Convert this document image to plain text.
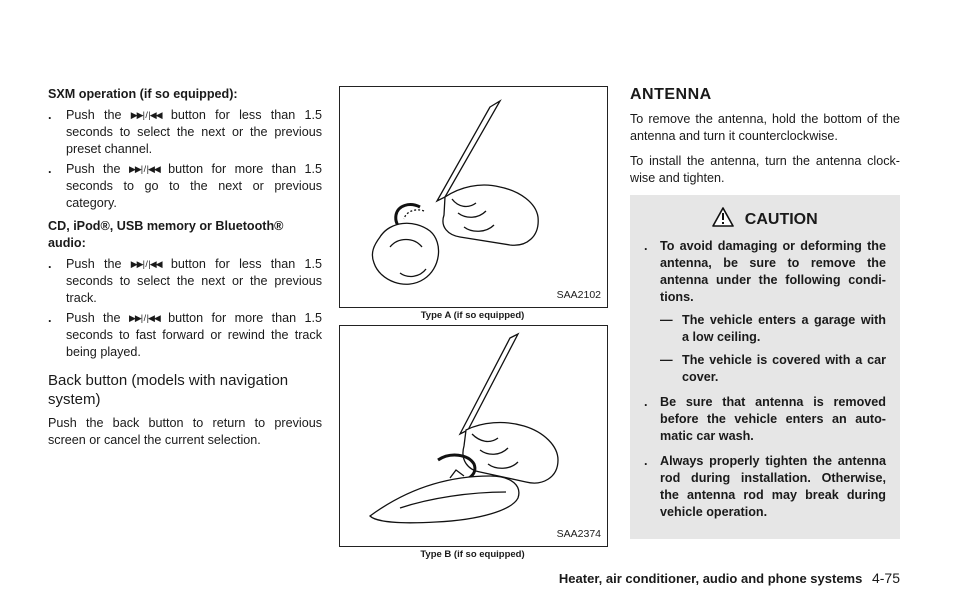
SXM operation (if so equipped):

. Push the ▶▶| / |◀◀ button for less than 1.5 seconds to select the next or the previous preset channel.
. Push the ▶▶| / |◀◀ button for more than 1.5 seconds to go to the next or previous category.

CD, iPod®, USB memory or Bluetooth® audio:

. Push the ▶▶| / |◀◀ button for less than 1.5 seconds to select the next or the previous track.
. Push the ▶▶| / |◀◀ button for more than 1.5 seconds to fast forward or rewind the track being played.
Back button (models with navigation system)

Push the back button to return to previous screen or cancel the current selection.

SAA2102
Type A (if so equipped)
SAA2374
Type B (if so equipped)
ANTENNA

To remove the antenna, hold the bottom of the antenna and turn it counterclockwise.

To install the antenna, turn the antenna clock-wise and tighten.

CAUTION
. To avoid damaging or deforming the antenna, be sure to remove the antenna under the following condi-tions.
— The vehicle enters a garage with a low ceiling.
— The vehicle is covered with a car cover.
. Be sure that antenna is removed before the vehicle enters an auto-matic car wash.
. Always properly tighten the antenna rod during installation. Otherwise, the antenna rod may break during vehicle operation.
Heater, air conditioner, audio and phone systems 4-75
